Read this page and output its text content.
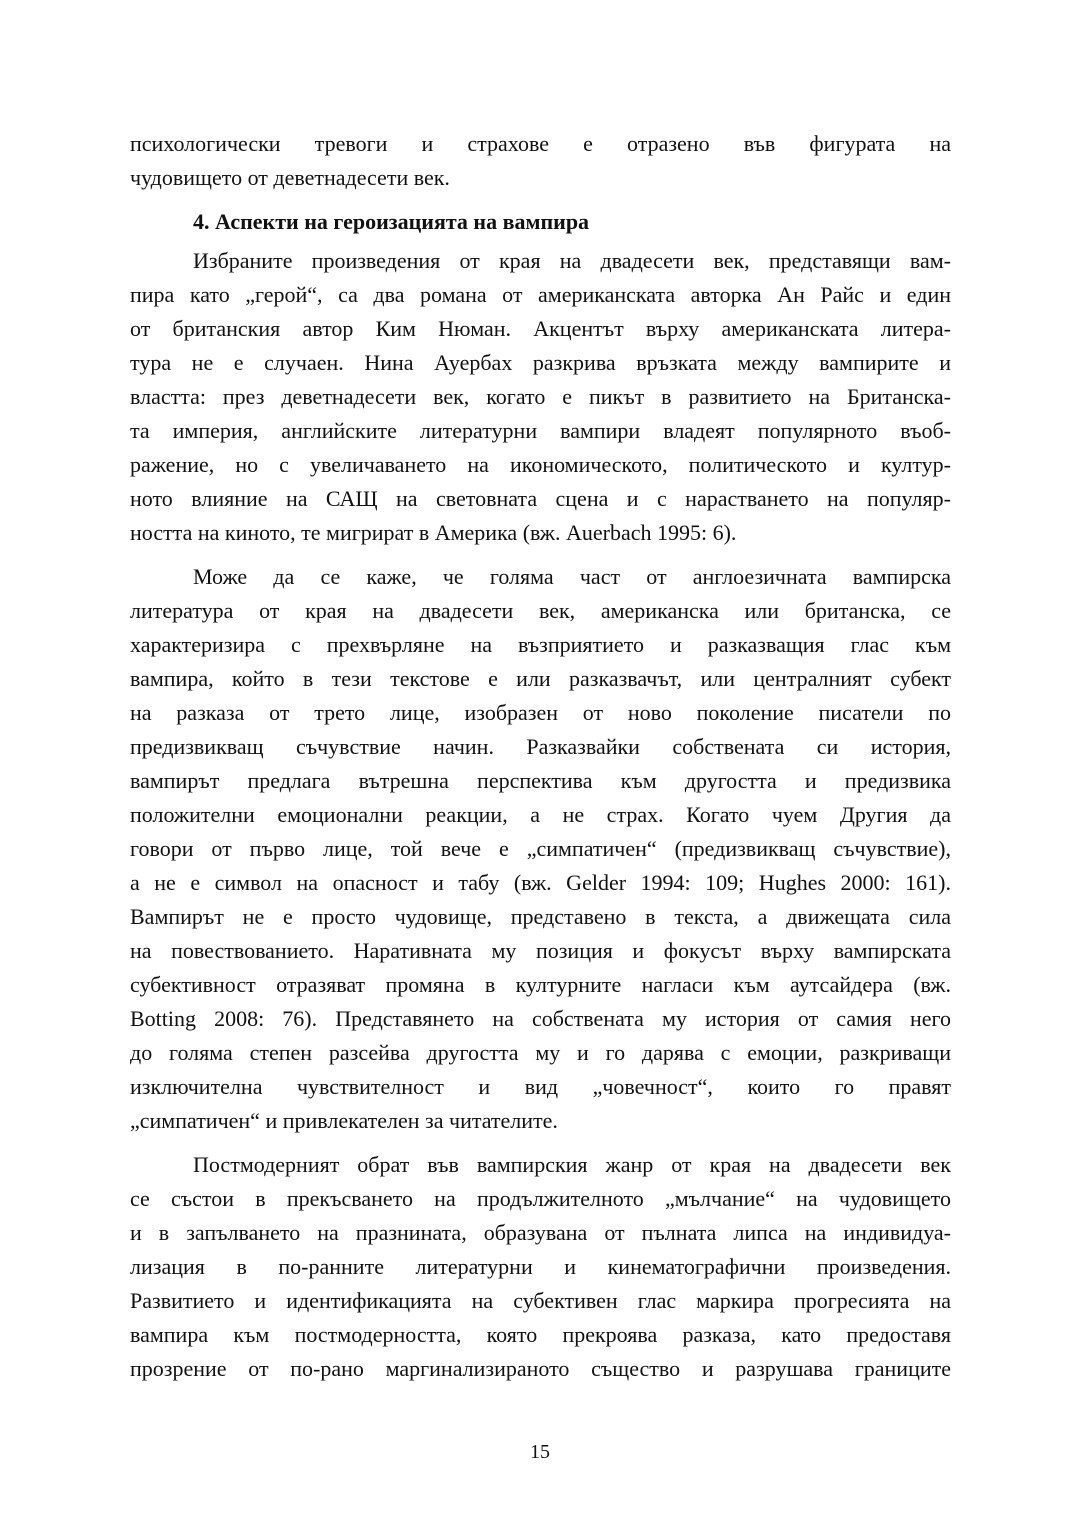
психологически тревоги и страхове е отразено във фигурата на
чудовището от деветнадесети век.
4. Аспекти на героизацията на вампира
Избраните произведения от края на двадесети век, представящи вам-
пира като „герой“, са два романа от американската авторка Ан Райс и един
от британския автор Ким Нюман. Акцентът върху американската литера-
тура не е случаен. Нина Ауербах разкрива връзката между вампирите и
властта: през деветнадесети век, когато е пикът в развитието на Британска-
та империя, английските литературни вампири владеят популярното въоб-
ражение, но с увеличаването на икономическото, политическото и култур-
ното влияние на САЩ на световната сцена и с нарастването на популяр-
ността на киното, те мигрират в Америка (вж. Auerbach 1995: 6).
Може да се каже, че голяма част от англоезичната вампирска
литература от края на двадесети век, американска или британска, се
характеризира с прехвърляне на възприятието и разказващия глас към
вампира, който в тези текстове е или разказвачът, или централният субект
на разказа от трето лице, изобразен от ново поколение писатели по
предизвикващ съчувствие начин. Разказвайки собствената си история,
вампирът предлага вътрешна перспектива към другостта и предизвика
положителни емоционални реакции, а не страх. Когато чуем Другия да
говори от първо лице, той вече е „симпатичен“ (предизвикващ съчувствие),
а не е символ на опасност и табу (вж. Gelder 1994: 109; Hughes 2000: 161).
Вампирът не е просто чудовище, представено в текста, а движещата сила
на повествованието. Наративната му позиция и фокусът върху вампирската
субективност отразяват промяна в културните нагласи към аутсайдера (вж.
Botting 2008: 76). Представянето на собствената му история от самия него
до голяма степен разсейва другостта му и го дарява с емоции, разкриващи
изключителна чувствителност и вид „човечност“, които го правят
„симпатичен“ и привлекателен за читателите.
Постмодерният обрат във вампирския жанр от края на двадесети век
се състои в прекъсването на продължителното „мълчание“ на чудовището
и в запълването на празнината, образувана от пълната липса на индивидуа-
лизация в по-ранните литературни и кинематографични произведения.
Развитието и идентификацията на субективен глас маркира прогресията на
вампира към постмодерността, която прекроява разказа, като предоставя
прозрение от по-рано маргинализираното същество и разрушава границите
15
